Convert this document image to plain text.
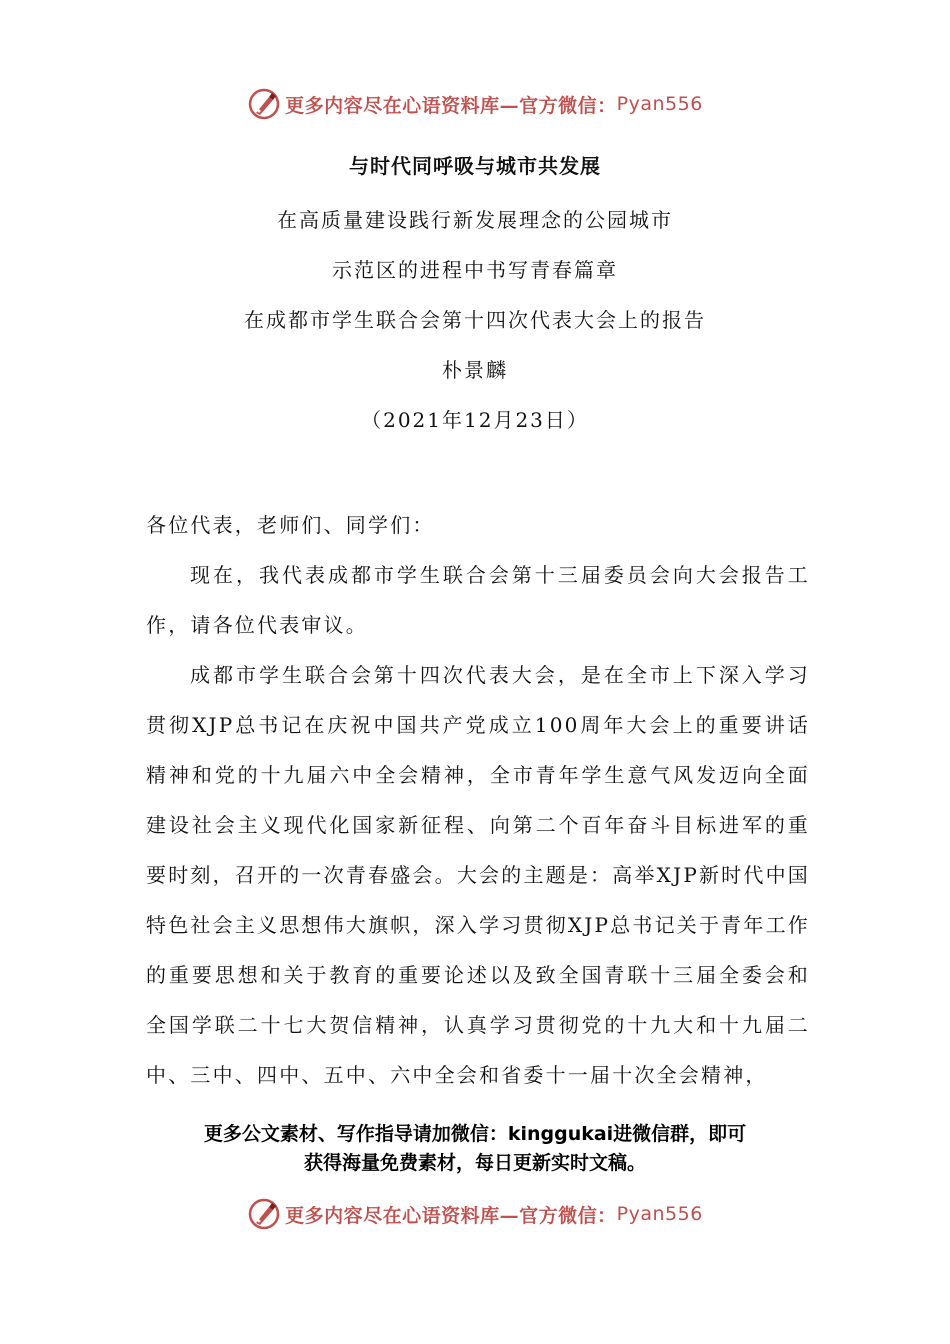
更多内容尽在心语资料库—官方微信： Pyan556
与时代同呼吸与城市共发展
在高质量建设践行新发展理念的公园城市
示范区的进程中书写青春篇章
在成都市学生联合会第十四次代表大会上的报告
朴景麟
（2021年12月23日）

各位代表，老师们、同学们：

现在，我代表成都市学生联合会第十三届委员会向大会报告工作，请各位代表审议。

成都市学生联合会第十四次代表大会，是在全市上下深入学习贯彻XJP总书记在庆祝中国共产党成立100周年大会上的重要讲话精神和党的十九届六中全会精神，全市青年学生意气风发迈向全面建设社会主义现代化国家新征程、向第二个百年奋斗目标进军的重要时刻，召开的一次青春盛会。大会的主题是：高举XJP新时代中国特色社会主义思想伟大旗帜，深入学习贯彻XJP总书记关于青年工作的重要思想和关于教育的重要论述以及致全国青联十三届全委会和全国学联二十七大贺信精神，认真学习贯彻党的十九大和十九届二中、三中、四中、五中、六中全会和省委十一届十次全会精神，

更多公文素材、写作指导请加微信：kinggukai进微信群，即可
获得海量免费素材，每日更新实时文稿。
更多内容尽在心语资料库—官方微信： Pyan556
